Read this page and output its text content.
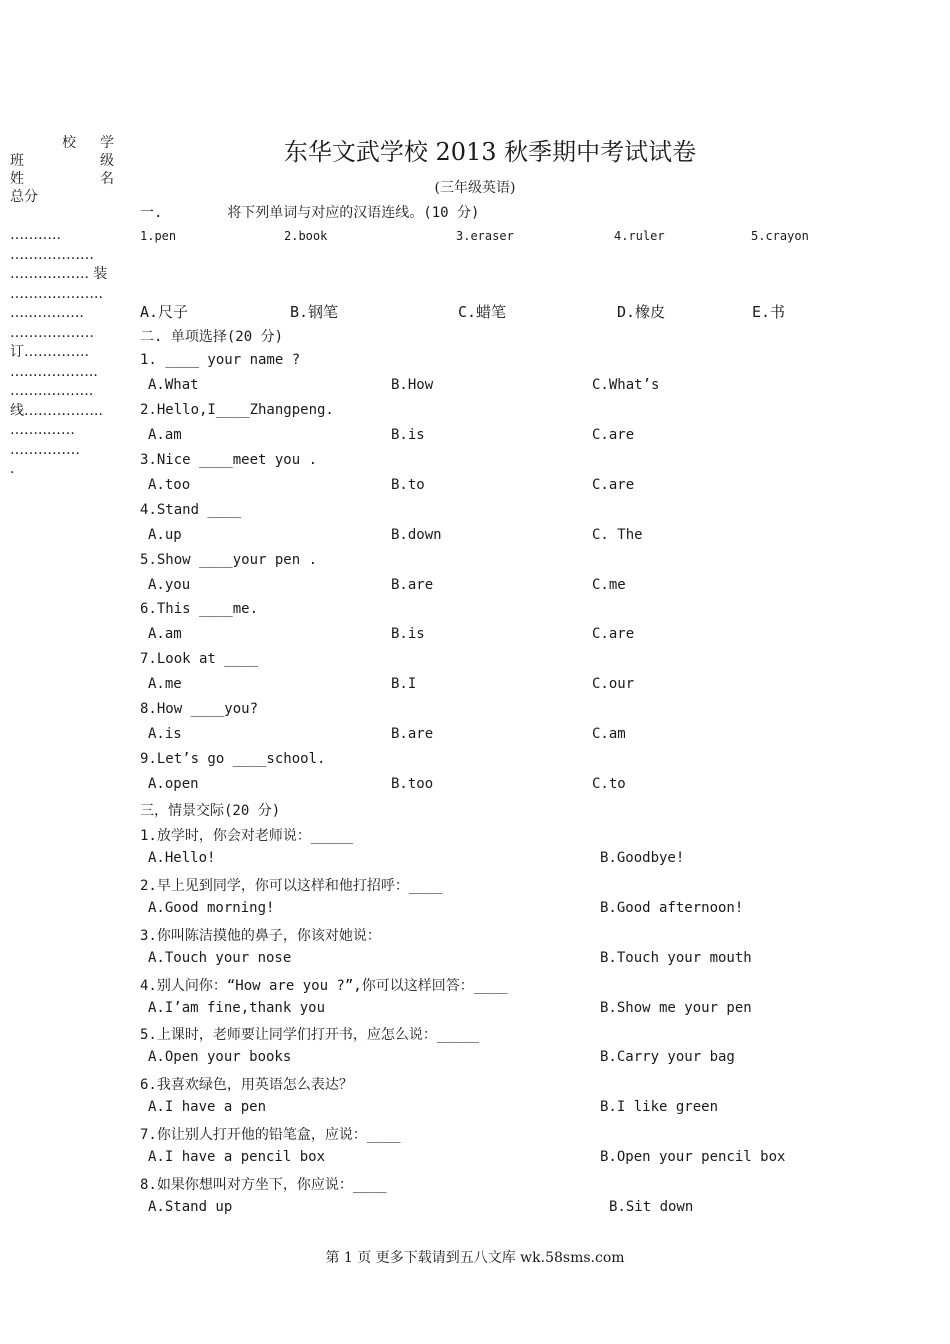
校 学
班	级
姓	名
总分
………..
………………
…………….. 装
………………..
…..………..
………………
订…………..
…..…………..
……..……….
线……………..
……..……
……………
.
东华文武学校 2013 秋季期中考试试卷
(三年级英语)
一.	将下列单词与对应的汉语连线。(10 分)
1.pen	2.book	3.eraser	4.ruler	5.crayon
A.尺子	B.钢笔	C.蜡笔	D.橡皮	E.书
二. 单项选择(20 分)
1. ____ your name ?
A.What	B.How	C.What’s
2.Hello,I____Zhangpeng.
A.am	B.is	C.are
3.Nice ____meet you .
A.too	B.to	C.are
4.Stand ____
A.up	B.down	C. The
5.Show ____your pen .
A.you	B.are	C.me
6.This ____me.
A.am	B.is	C.are
7.Look at ____
A.me	B.I	C.our
8.How ____you?
A.is	B.are	C.am
9.Let’s go ____school.
A.open	B.too	C.to
三，情景交际(20 分)
1.放学时，你会对老师说：_____
A.Hello!	B.Goodbye!
2.早上见到同学，你可以这样和他打招呼：____
A.Good morning!	B.Good afternoon!
3.你叫陈洁摸他的鼻子，你该对她说：
A.Touch your nose	B.Touch your mouth
4.别人问你：“How are you ?”,你可以这样回答：____
A.I’am fine,thank you	B.Show me your pen
5.上课时，老师要让同学们打开书，应怎么说：_____
A.Open your books	B.Carry your bag
6.我喜欢绿色，用英语怎么表达？
A.I have a pen	B.I like green
7.你让别人打开他的铅笔盒，应说：____
A.I have a pencil box	B.Open your pencil box
8.如果你想叫对方坐下，你应说：____
A.Stand up	B.Sit down
第 1 页 更多下载请到五八文库 wk.58sms.com
